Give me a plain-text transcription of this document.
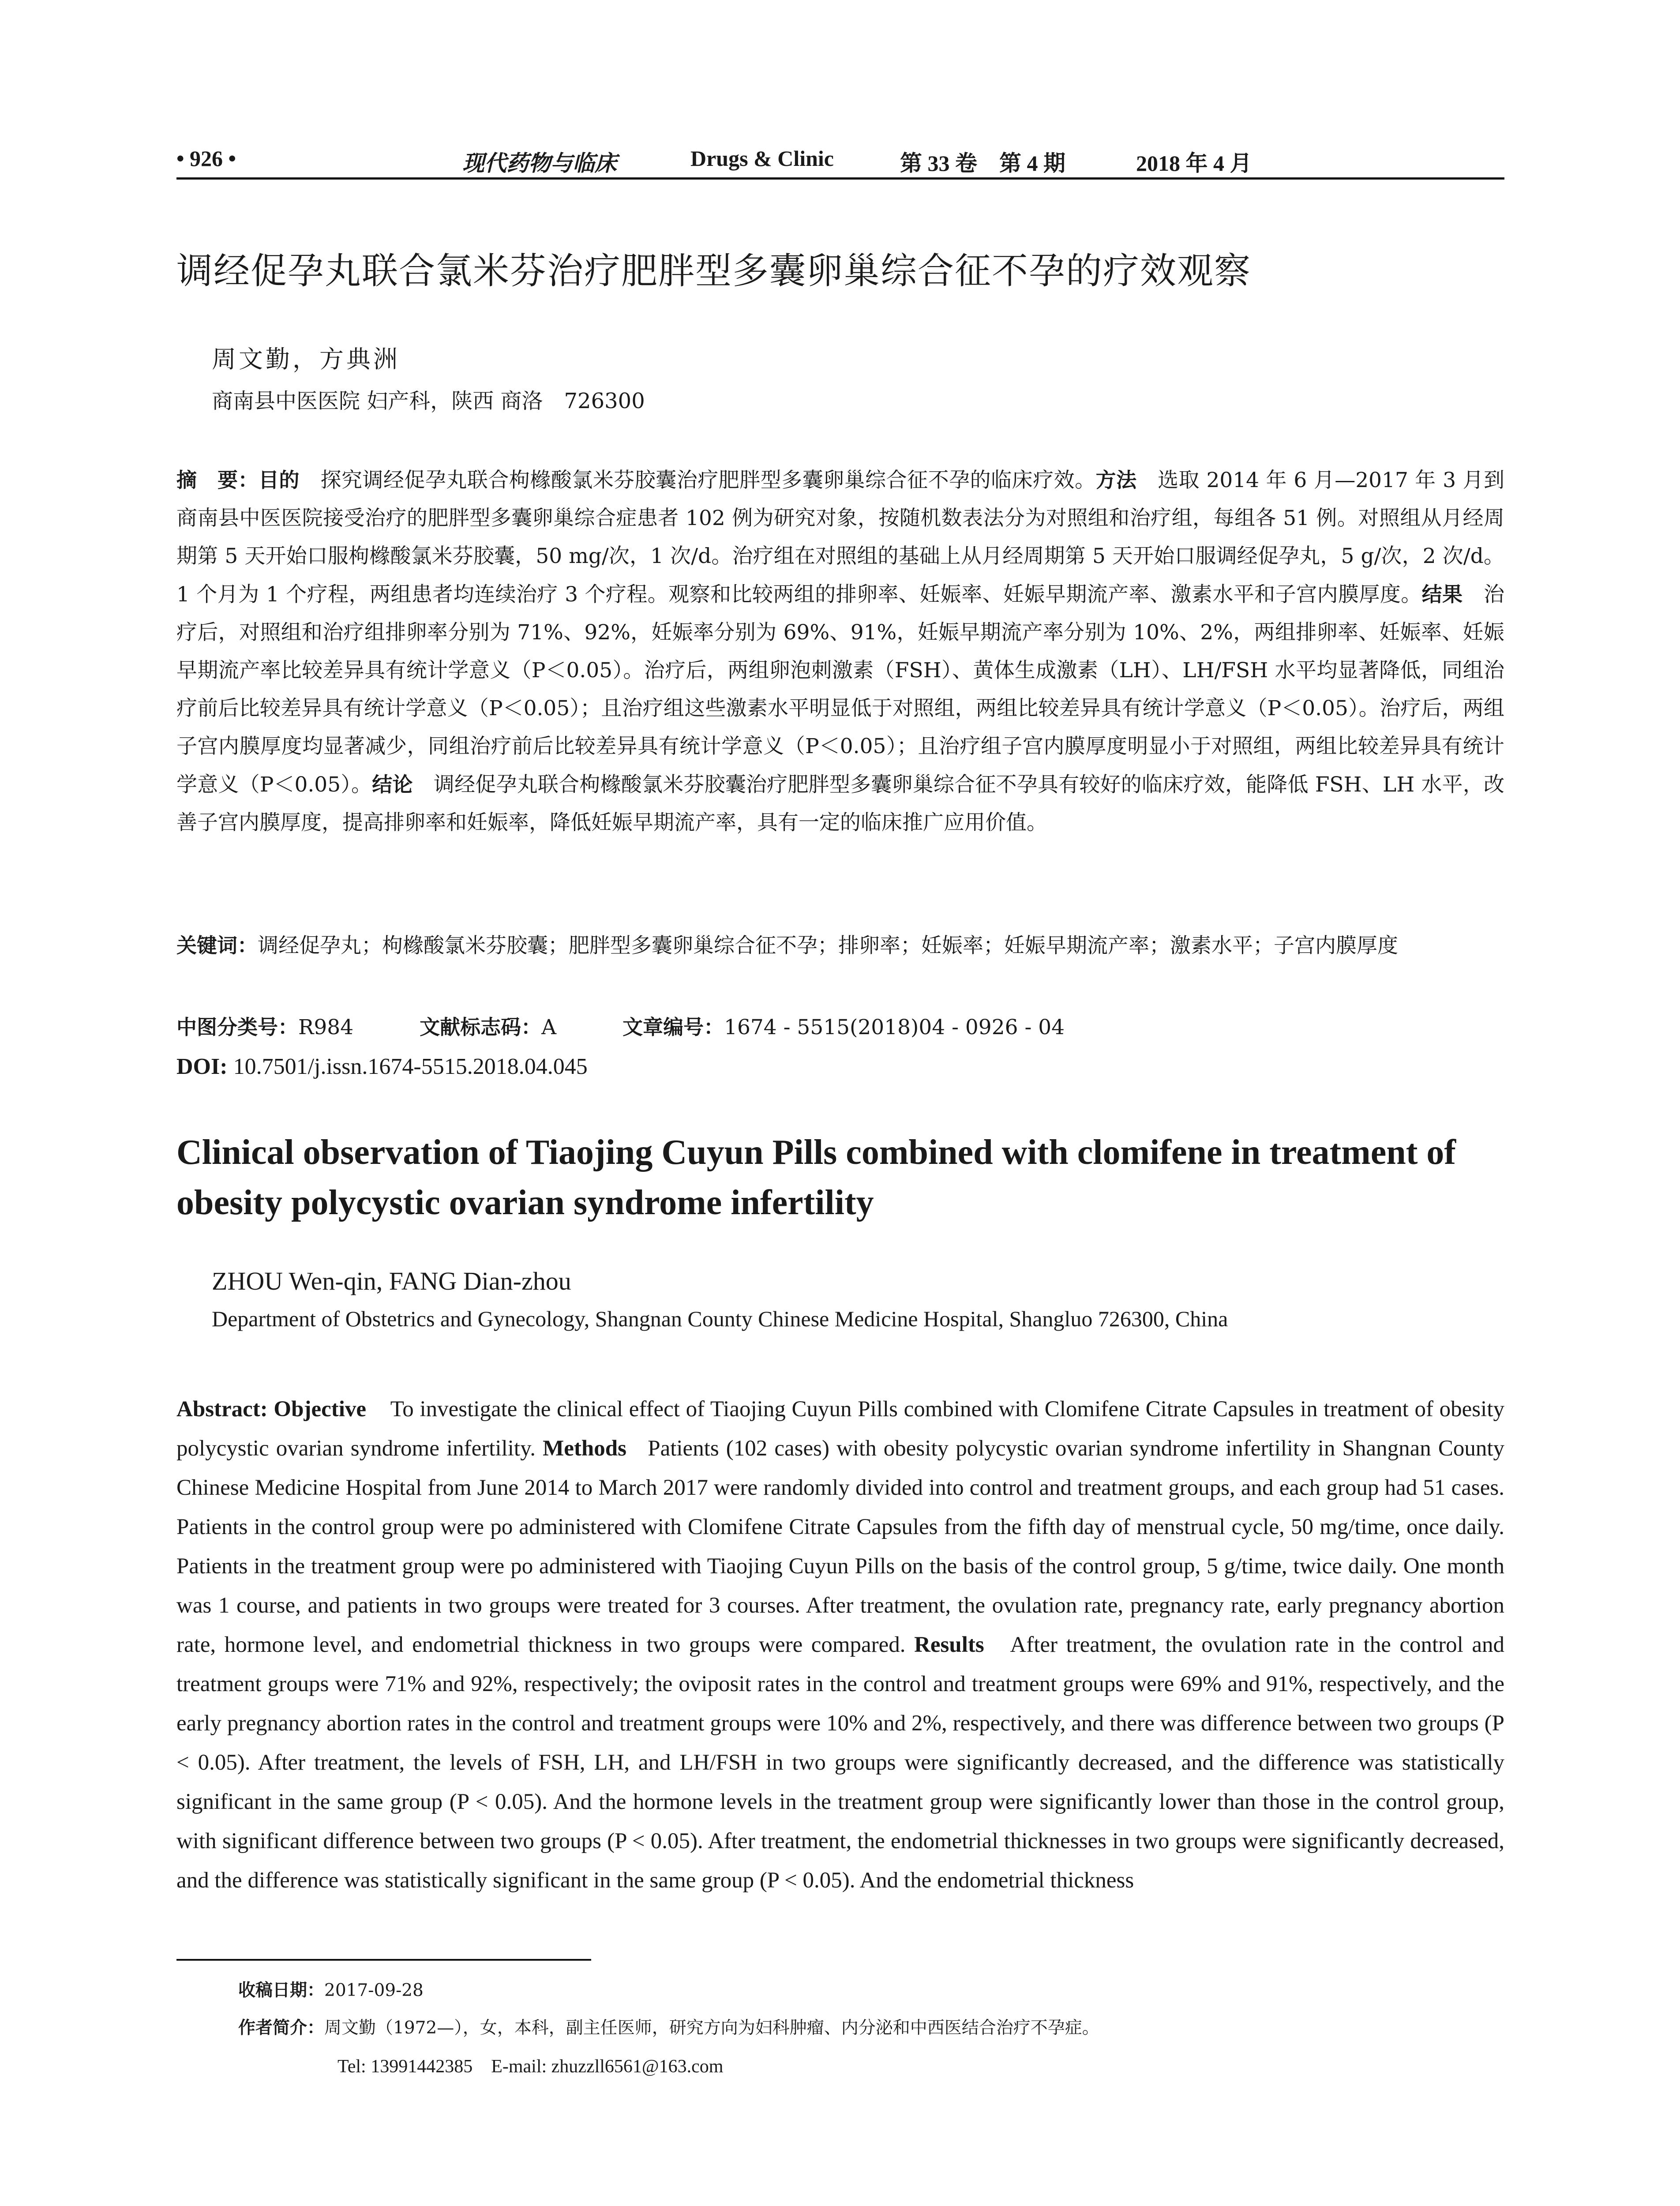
• 926 •	现代药物与临床	Drugs & Clinic	第 33 卷　第 4 期	2018 年 4 月
调经促孕丸联合氯米芬治疗肥胖型多囊卵巢综合征不孕的疗效观察
周文勤，方典洲
商南县中医医院 妇产科，陕西 商洛　726300
摘　要：目的　 探究调经促孕丸联合枸橼酸氯米芬胶囊治疗肥胖型多囊卵巢综合征不孕的临床疗效。方法　 选取 2014 年 6 月—2017 年 3 月到商南县中医医院接受治疗的肥胖型多囊卵巢综合症患者 102 例为研究对象，按随机数表法分为对照组和治疗组，每组各 51 例。对照组从月经周期第 5 天开始口服枸橼酸氯米芬胶囊，50 mg/次，1 次/d。治疗组在对照组的基础上从月经周期第 5 天开始口服调经促孕丸，5 g/次，2 次/d。1 个月为 1 个疗程，两组患者均连续治疗 3 个疗程。观察和比较两组的排卵率、妊娠率、妊娠早期流产率、激素水平和子宫内膜厚度。结果　 治疗后，对照组和治疗组排卵率分别为 71%、92%，妊娠率分别为 69%、91%，妊娠早期流产率分别为 10%、2%，两组排卵率、妊娠率、妊娠早期流产率比较差异具有统计学意义（P＜0.05）。治疗后，两组卵泡刺激素（FSH）、黄体生成激素（LH）、LH/FSH 水平均显著降低，同组治疗前后比较差异具有统计学意义（P＜0.05）；且治疗组这些激素水平明显低于对照组，两组比较差异具有统计学意义（P＜0.05）。治疗后，两组子宫内膜厚度均显著减少，同组治疗前后比较差异具有统计学意义（P＜0.05）；且治疗组子宫内膜厚度明显小于对照组，两组比较差异具有统计学意义（P＜0.05）。结论　 调经促孕丸联合枸橼酸氯米芬胶囊治疗肥胖型多囊卵巢综合征不孕具有较好的临床疗效，能降低 FSH、LH 水平，改善子宫内膜厚度，提高排卵率和妊娠率，降低妊娠早期流产率，具有一定的临床推广应用价值。
关键词：调经促孕丸；枸橼酸氯米芬胶囊；肥胖型多囊卵巢综合征不孕；排卵率；妊娠率；妊娠早期流产率；激素水平；子宫内膜厚度
中图分类号：R984	文献标志码：A	文章编号：1674 - 5515(2018)04 - 0926 - 04
DOI: 10.7501/j.issn.1674-5515.2018.04.045
Clinical observation of Tiaojing Cuyun Pills combined with clomifene in treatment of obesity polycystic ovarian syndrome infertility
ZHOU Wen-qin, FANG Dian-zhou
Department of Obstetrics and Gynecology, Shangnan County Chinese Medicine Hospital, Shangluo 726300, China
Abstract: Objective To investigate the clinical effect of Tiaojing Cuyun Pills combined with Clomifene Citrate Capsules in treatment of obesity polycystic ovarian syndrome infertility. Methods Patients (102 cases) with obesity polycystic ovarian syndrome infertility in Shangnan County Chinese Medicine Hospital from June 2014 to March 2017 were randomly divided into control and treatment groups, and each group had 51 cases. Patients in the control group were po administered with Clomifene Citrate Capsules from the fifth day of menstrual cycle, 50 mg/time, once daily. Patients in the treatment group were po administered with Tiaojing Cuyun Pills on the basis of the control group, 5 g/time, twice daily. One month was 1 course, and patients in two groups were treated for 3 courses. After treatment, the ovulation rate, pregnancy rate, early pregnancy abortion rate, hormone level, and endometrial thickness in two groups were compared. Results After treatment, the ovulation rate in the control and treatment groups were 71% and 92%, respectively; the oviposit rates in the control and treatment groups were 69% and 91%, respectively, and the early pregnancy abortion rates in the control and treatment groups were 10% and 2%, respectively, and there was difference between two groups (P < 0.05). After treatment, the levels of FSH, LH, and LH/FSH in two groups were significantly decreased, and the difference was statistically significant in the same group (P < 0.05). And the hormone levels in the treatment group were significantly lower than those in the control group, with significant difference between two groups (P < 0.05). After treatment, the endometrial thicknesses in two groups were significantly decreased, and the difference was statistically significant in the same group (P < 0.05). And the endometrial thickness
收稿日期：2017-09-28
作者简介：周文勤（1972—），女，本科，副主任医师，研究方向为妇科肿瘤、内分泌和中西医结合治疗不孕症。
Tel: 13991442385　E-mail: zhuzzll6561@163.com
